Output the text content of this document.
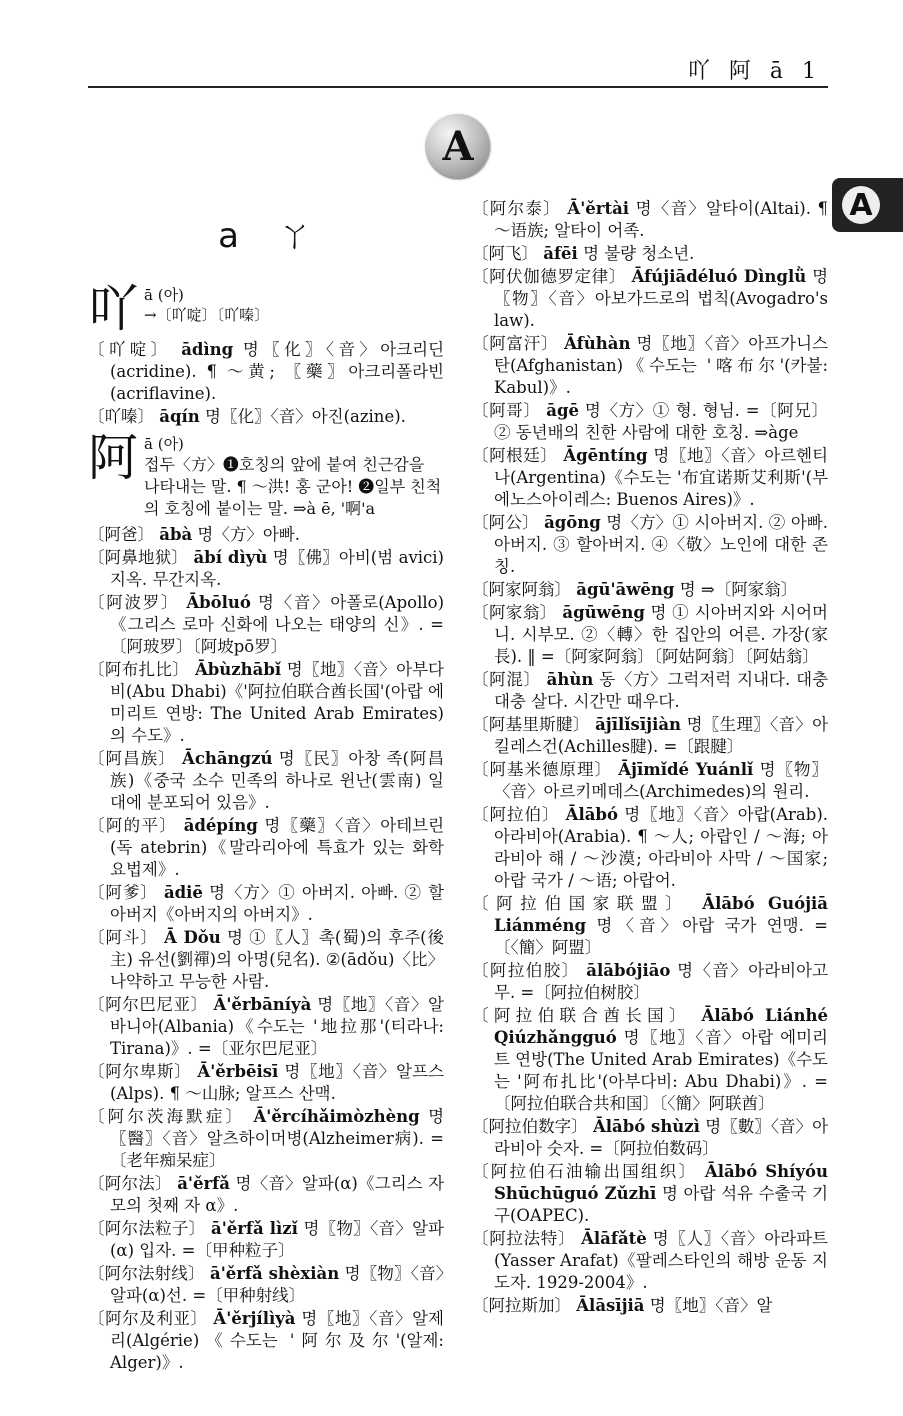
吖 阿 ā 1
A
A
a ㄚ
吖 ā (아)
→〔吖啶〕〔吖嗪〕
〔吖啶〕 ādìng 명〖化〗〈音〉아크리딘(acridine). ¶ ～黄; 〖藥〗아크리폴라빈(acriflavine).
〔吖嗪〕 āqín 명〖化〗〈音〉아진(azine).
阿 ā (아)
접두〈方〉❶호칭의 앞에 붙여 친근감을 나타내는 말. ¶ ～洪! 홍 군아! ❷일부 친척의 호칭에 붙이는 말. ⇒à ē, '啊'a
〔阿爸〕 ābà 명〈方〉아빠.
〔阿鼻地狱〕 ābí dìyù 명〖佛〗아비(범 avici) 지옥. 무간지옥.
〔阿波罗〕 Ābōluó 명〈音〉아폴로(Apollo)《그리스 로마 신화에 나오는 태양의 신》. =〔阿玻罗〕〔阿坡pō罗〕
〔阿布扎比〕 Ābùzhābǐ 명〖地〗〈音〉아부다비(Abu Dhabi)《'阿拉伯联合酋长国'(아랍 에미리트 연방: The United Arab Emirates)의 수도》.
〔阿昌族〕 Āchāngzú 명〖民〗아창 족(阿昌族)《중국 소수 민족의 하나로 윈난(雲南) 일대에 분포되어 있음》.
〔阿的平〕 ādépíng 명〖藥〗〈音〉아테브린(독 atebrin)《말라리아에 특효가 있는 화학 요법제》.
〔阿爹〕 ādiē 명〈方〉① 아버지. 아빠. ② 할아버지《아버지의 아버지》.
〔阿斗〕 Ā Dǒu 명 ①〖人〗촉(蜀)의 후주(後主) 유선(劉禪)의 아명(兒名). ②(ādǒu)〈比〉나약하고 무능한 사람.
〔阿尔巴尼亚〕 Ā'ěrbāníyà 명〖地〗〈音〉알바니아(Albania)《수도는 '地拉那'(티라나: Tirana)》. =〔亚尔巴尼亚〕
〔阿尔卑斯〕 Ā'ěrbēisī 명〖地〗〈音〉알프스(Alps). ¶ ～山脉; 알프스 산맥.
〔阿尔茨海默症〕 Ā'ěrcíhǎimòzhèng 명〖醫〗〈音〉알츠하이머병(Alzheimer病). =〔老年痴呆症〕
〔阿尔法〕 ā'ěrfǎ 명〈音〉알파(α)《그리스 자모의 첫째 자 α》.
〔阿尔法粒子〕 ā'ěrfǎ lìzǐ 명〖物〗〈音〉알파(α) 입자. =〔甲种粒子〕
〔阿尔法射线〕 ā'ěrfǎ shèxiàn 명〖物〗〈音〉알파(α)선. =〔甲种射线〕
〔阿尔及利亚〕 Ā'ěrjílìyà 명〖地〗〈音〉알제리(Algérie)《수도는 '阿尔及尔'(알제: Alger)》.
〔阿尔泰〕 Ā'ěrtài 명〈音〉알타이(Altai). ¶ ～语族; 알타이 어족.
〔阿飞〕 āfēi 명 불량 청소년.
〔阿伏伽德罗定律〕 Āfújiādéluó Dìnglǜ 명〖物〗〈音〉아보가드로의 법칙(Avogadro's law).
〔阿富汗〕 Āfùhàn 명〖地〗〈音〉아프가니스탄(Afghanistan)《수도는 '喀布尔'(카불: Kabul)》.
〔阿哥〕 āgē 명〈方〉① 형. 형님. =〔阿兄〕② 동년배의 친한 사람에 대한 호칭. ⇒àge
〔阿根廷〕 Āgēntíng 명〖地〗〈音〉아르헨티나(Argentina)《수도는 '布宜诺斯艾利斯'(부에노스아이레스: Buenos Aires)》.
〔阿公〕 āgōng 명〈方〉① 시아버지. ② 아빠. 아버지. ③ 할아버지. ④〈敬〉노인에 대한 존칭.
〔阿家阿翁〕 āgū'āwēng 명 ⇒〔阿家翁〕
〔阿家翁〕 āgūwēng 명 ① 시아버지와 시어머니. 시부모. ②〈轉〉한 집안의 어른. 가장(家長). ‖ =〔阿家阿翁〕〔阿姑阿翁〕〔阿姑翁〕
〔阿混〕 āhùn 동〈方〉그럭저럭 지내다. 대충대충 살다. 시간만 때우다.
〔阿基里斯腱〕 ājīlǐsījiàn 명〖生理〗〈音〉아킬레스건(Achilles腱). =〔跟腱〕
〔阿基米德原理〕 Ājīmǐdé Yuánlǐ 명〖物〗〈音〉아르키메데스(Archimedes)의 원리.
〔阿拉伯〕 Ālābó 명〖地〗〈音〉아랍(Arab). 아라비아(Arabia). ¶ ～人; 아랍인 / ～海; 아라비아 해 / ～沙漠; 아라비아 사막 / ～国家; 아랍 국가 / ～语; 아랍어.
〔阿拉伯国家联盟〕 Ālābó Guójiā Liánméng 명〈音〉아랍 국가 연맹. =〔〈簡〉阿盟〕
〔阿拉伯胶〕 ālābójiāo 명〈音〉아라비아고무. =〔阿拉伯树胶〕
〔阿拉伯联合酋长国〕 Ālābó Liánhé Qiúzhǎngguó 명〖地〗〈音〉아랍 에미리트 연방(The United Arab Emirates)《수도는 '阿布扎比'(아부다비: Abu Dhabi)》. =〔阿拉伯联合共和国〕〔〈簡〉阿联酋〕
〔阿拉伯数字〕 Ālābó shùzì 명〖數〗〈音〉아라비아 숫자. =〔阿拉伯数码〕
〔阿拉伯石油输出国组织〕 Ālābó Shíyóu Shūchūguó Zǔzhī 명 아랍 석유 수출국 기구(OAPEC).
〔阿拉法特〕 Ālāfǎtè 명〖人〗〈音〉아라파트(Yasser Arafat)《팔레스타인의 해방 운동 지도자. 1929-2004》.
〔阿拉斯加〕 Ālāsījiā 명〖地〗〈音〉알
